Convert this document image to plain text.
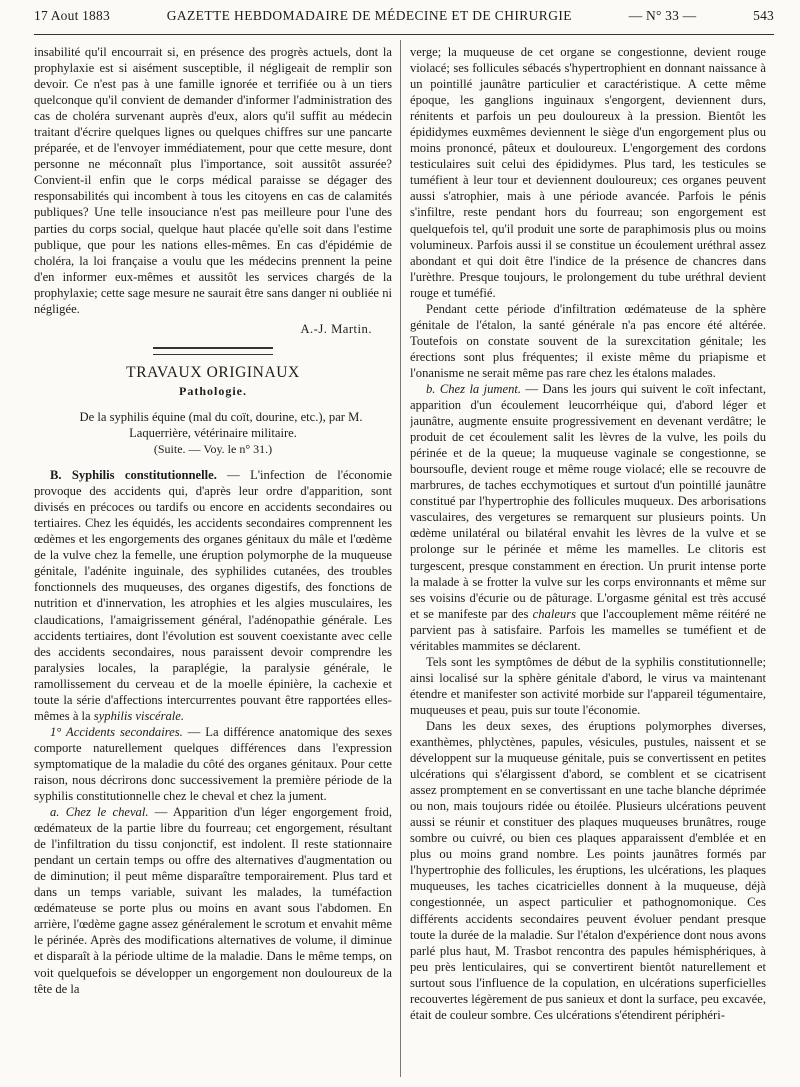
17 Aout 1883	GAZETTE HEBDOMADAIRE DE MÉDECINE ET DE CHIRURGIE	— N° 33 —	543

insabilité qu'il encourrait si, en présence des progrès actuels, dont la prophylaxie est si aisément susceptible, il négligeait de remplir son devoir. Ce n'est pas à une famille ignorée et terrifiée ou à un tiers quelconque qu'il convient de demander d'informer l'administration des cas de choléra survenant auprès d'eux, alors qu'il suffit au médecin traitant d'écrire quelques lignes ou quelques chiffres sur une pancarte préparée, et de l'envoyer immédiatement, pour que cette mesure, dont personne ne méconnaît plus l'importance, soit aussitôt assurée? Convient-il enfin que le corps médical paraisse se dégager des responsabilités qui incombent à tous les citoyens en cas de calamités publiques? Une telle insouciance n'est pas meilleure pour l'une des parties du corps social, quelque haut placée qu'elle soit dans l'estime publique, que pour les nations elles-mêmes. En cas d'épidémie de choléra, la loi française a voulu que les médecins prennent la peine d'en informer eux-mêmes et aussitôt les services chargés de la prophylaxie; cette sage mesure ne saurait être sans danger ni oubliée ni négligée.

A.-J. Martin.
TRAVAUX ORIGINAUX
Pathologie.

De la syphilis équine (mal du coït, dourine, etc.), par M. Laquerrière, vétérinaire militaire.

(Suite. — Voy. le n° 31.)

B. Syphilis constitutionnelle. — L'infection de l'économie provoque des accidents qui, d'après leur ordre d'apparition, sont divisés en précoces ou tardifs ou encore en accidents secondaires ou tertiaires. Chez les équidés, les accidents secondaires comprennent les œdèmes et les engorgements des organes génitaux du mâle et l'œdème de la vulve chez la femelle, une éruption polymorphe de la muqueuse génitale, l'adénite inguinale, des syphilides cutanées, des troubles fonctionnels des muqueuses, des organes digestifs, des fonctions de nutrition et d'innervation, les atrophies et les algies musculaires, les claudications, l'amaigrissement général, l'adénopathie générale. Les accidents tertiaires, dont l'évolution est souvent coexistante avec celle des accidents secondaires, nous paraissent devoir comprendre les paralysies locales, la paraplégie, la paralysie générale, le ramollissement du cerveau et de la moelle épinière, la cachexie et toute la série d'affections intercurrentes pouvant être rapportées elles-mêmes à la syphilis viscérale.

1° Accidents secondaires. — La différence anatomique des sexes comporte naturellement quelques différences dans l'expression symptomatique de la maladie du côté des organes génitaux. Pour cette raison, nous décrirons donc successivement la première période de la syphilis constitutionnelle chez le cheval et chez la jument.

a. Chez le cheval. — Apparition d'un léger engorgement froid, œdémateux de la partie libre du fourreau; cet engorgement, résultant de l'infiltration du tissu conjonctif, est indolent. Il reste stationnaire pendant un certain temps ou offre des alternatives d'augmentation ou de diminution; il peut même disparaître temporairement. Plus tard et dans un temps variable, suivant les malades, la tuméfaction œdémateuse se porte plus ou moins en avant sous l'abdomen. En arrière, l'œdème gagne assez généralement le scrotum et envahit même le périnée. Après des modifications alternatives de volume, il diminue et disparaît à la période ultime de la maladie. Dans le même temps, on voit quelquefois se développer un engorgement non douloureux de la tête de la

verge; la muqueuse de cet organe se congestionne, devient rouge violacé; ses follicules sébacés s'hypertrophient en donnant naissance à un pointillé jaunâtre particulier et caractéristique. A cette même époque, les ganglions inguinaux s'engorgent, deviennent durs, rénitents et parfois un peu douloureux à la pression. Bientôt les épididymes euxmêmes deviennent le siège d'un engorgement plus ou moins prononcé, pâteux et douloureux. L'engorgement des cordons testiculaires suit celui des épididymes. Plus tard, les testicules se tuméfient à leur tour et deviennent douloureux; ces organes peuvent aussi s'atrophier, mais à une période avancée. Parfois le pénis s'infiltre, reste pendant hors du fourreau; son engorgement est quelquefois tel, qu'il produit une sorte de paraphimosis plus ou moins volumineux. Parfois aussi il se constitue un écoulement uréthral assez abondant et qui doit être l'indice de la présence de chancres dans l'urèthre. Presque toujours, le prolongement du tube uréthral devient rouge et tuméfié.

Pendant cette période d'infiltration œdémateuse de la sphère génitale de l'étalon, la santé générale n'a pas encore été altérée. Toutefois on constate souvent de la surexcitation génitale; les érections sont plus fréquentes; il existe même du priapisme et l'onanisme ne serait même pas rare chez les étalons malades.

b. Chez la jument. — Dans les jours qui suivent le coït infectant, apparition d'un écoulement leucorrhéique qui, d'abord léger et jaunâtre, augmente ensuite progressivement en devenant verdâtre; le produit de cet écoulement salit les lèvres de la vulve, les poils du périnée et de la queue; la muqueuse vaginale se congestionne, se boursoufle, devient rouge et même rouge violacé; elle se recouvre de marbrures, de taches ecchymotiques et surtout d'un pointillé jaunâtre constitué par l'hypertrophie des follicules muqueux. Des arborisations vasculaires, des vergetures se remarquent sur plusieurs points. Un œdème unilatéral ou bilatéral envahit les lèvres de la vulve et se prolonge sur le périnée et même les mamelles. Le clitoris est turgescent, presque constamment en érection. Un prurit intense porte la malade à se frotter la vulve sur les corps environnants et même sur ses voisins d'écurie ou de pâturage. L'orgasme génital est très accusé et se manifeste par des chaleurs que l'accouplement même réitéré ne parvient pas à satisfaire. Parfois les mamelles se tuméfient et de véritables mammites se déclarent.

Tels sont les symptômes de début de la syphilis constitutionnelle; ainsi localisé sur la sphère génitale d'abord, le virus va maintenant étendre et manifester son activité morbide sur l'appareil tégumentaire, muqueuses et peau, puis sur toute l'économie.

Dans les deux sexes, des éruptions polymorphes diverses, exanthèmes, phlyctènes, papules, vésicules, pustules, naissent et se développent sur la muqueuse génitale, puis se convertissent en petites ulcérations qui s'élargissent d'abord, se comblent et se cicatrisent assez promptement en se convertissant en une tache blanche déprimée ou non, mais toujours ridée ou étoilée. Plusieurs ulcérations peuvent aussi se réunir et constituer des plaques muqueuses brunâtres, rouge sombre ou cuivré, ou bien ces plaques apparaissent d'emblée et en plus ou moins grand nombre. Les points jaunâtres formés par l'hypertrophie des follicules, les éruptions, les ulcérations, les plaques muqueuses, les taches cicatricielles donnent à la muqueuse, déjà congestionnée, un aspect particulier et pathognomonique. Ces différents accidents secondaires peuvent évoluer pendant presque toute la durée de la maladie. Sur l'étalon d'expérience dont nous avons parlé plus haut, M. Trasbot rencontra des papules hémisphériques, à peu près lenticulaires, qui se convertirent bientôt naturellement et surtout sous l'influence de la copulation, en ulcérations superficielles recouvertes légèrement de pus sanieux et dont la surface, peu excavée, était de couleur sombre. Ces ulcérations s'étendirent périphéri-
